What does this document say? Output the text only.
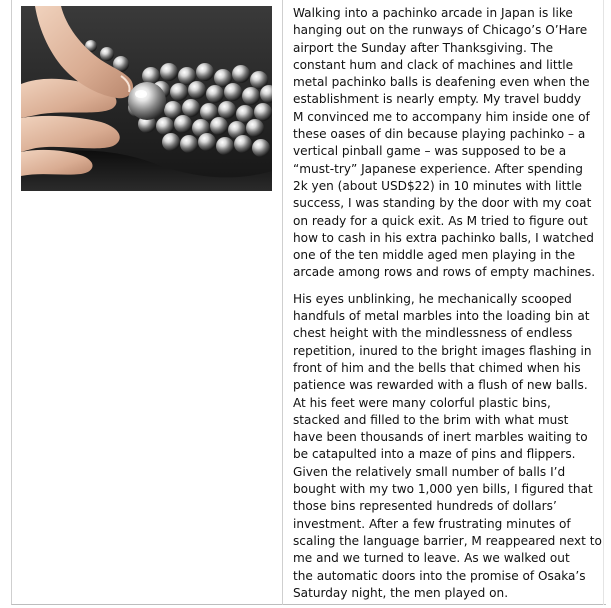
Walking into a pachinko arcade in Japan is like
hanging out on the runways of Chicago’s O’Hare
airport the Sunday after Thanksgiving. The
constant hum and clack of machines and little
metal pachinko balls is deafening even when the
establishment is nearly empty. My travel buddy
M convinced me to accompany him inside one of
these oases of din because playing pachinko – a
vertical pinball game – was supposed to be a
“must-try” Japanese experience. After spending
2k yen (about USD$22) in 10 minutes with little
success, I was standing by the door with my coat
on ready for a quick exit. As M tried to figure out
how to cash in his extra pachinko balls, I watched
one of the ten middle aged men playing in the
arcade among rows and rows of empty machines.

His eyes unblinking, he mechanically scooped
handfuls of metal marbles into the loading bin at
chest height with the mindlessness of endless
repetition, inured to the bright images flashing in
front of him and the bells that chimed when his
patience was rewarded with a flush of new balls.
At his feet were many colorful plastic bins,
stacked and filled to the brim with what must
have been thousands of inert marbles waiting to
be catapulted into a maze of pins and flippers.
Given the relatively small number of balls I’d
bought with my two 1,000 yen bills, I figured that
those bins represented hundreds of dollars’
investment. After a few frustrating minutes of
scaling the language barrier, M reappeared next to
me and we turned to leave. As we walked out
the automatic doors into the promise of Osaka’s
Saturday night, the men played on.
